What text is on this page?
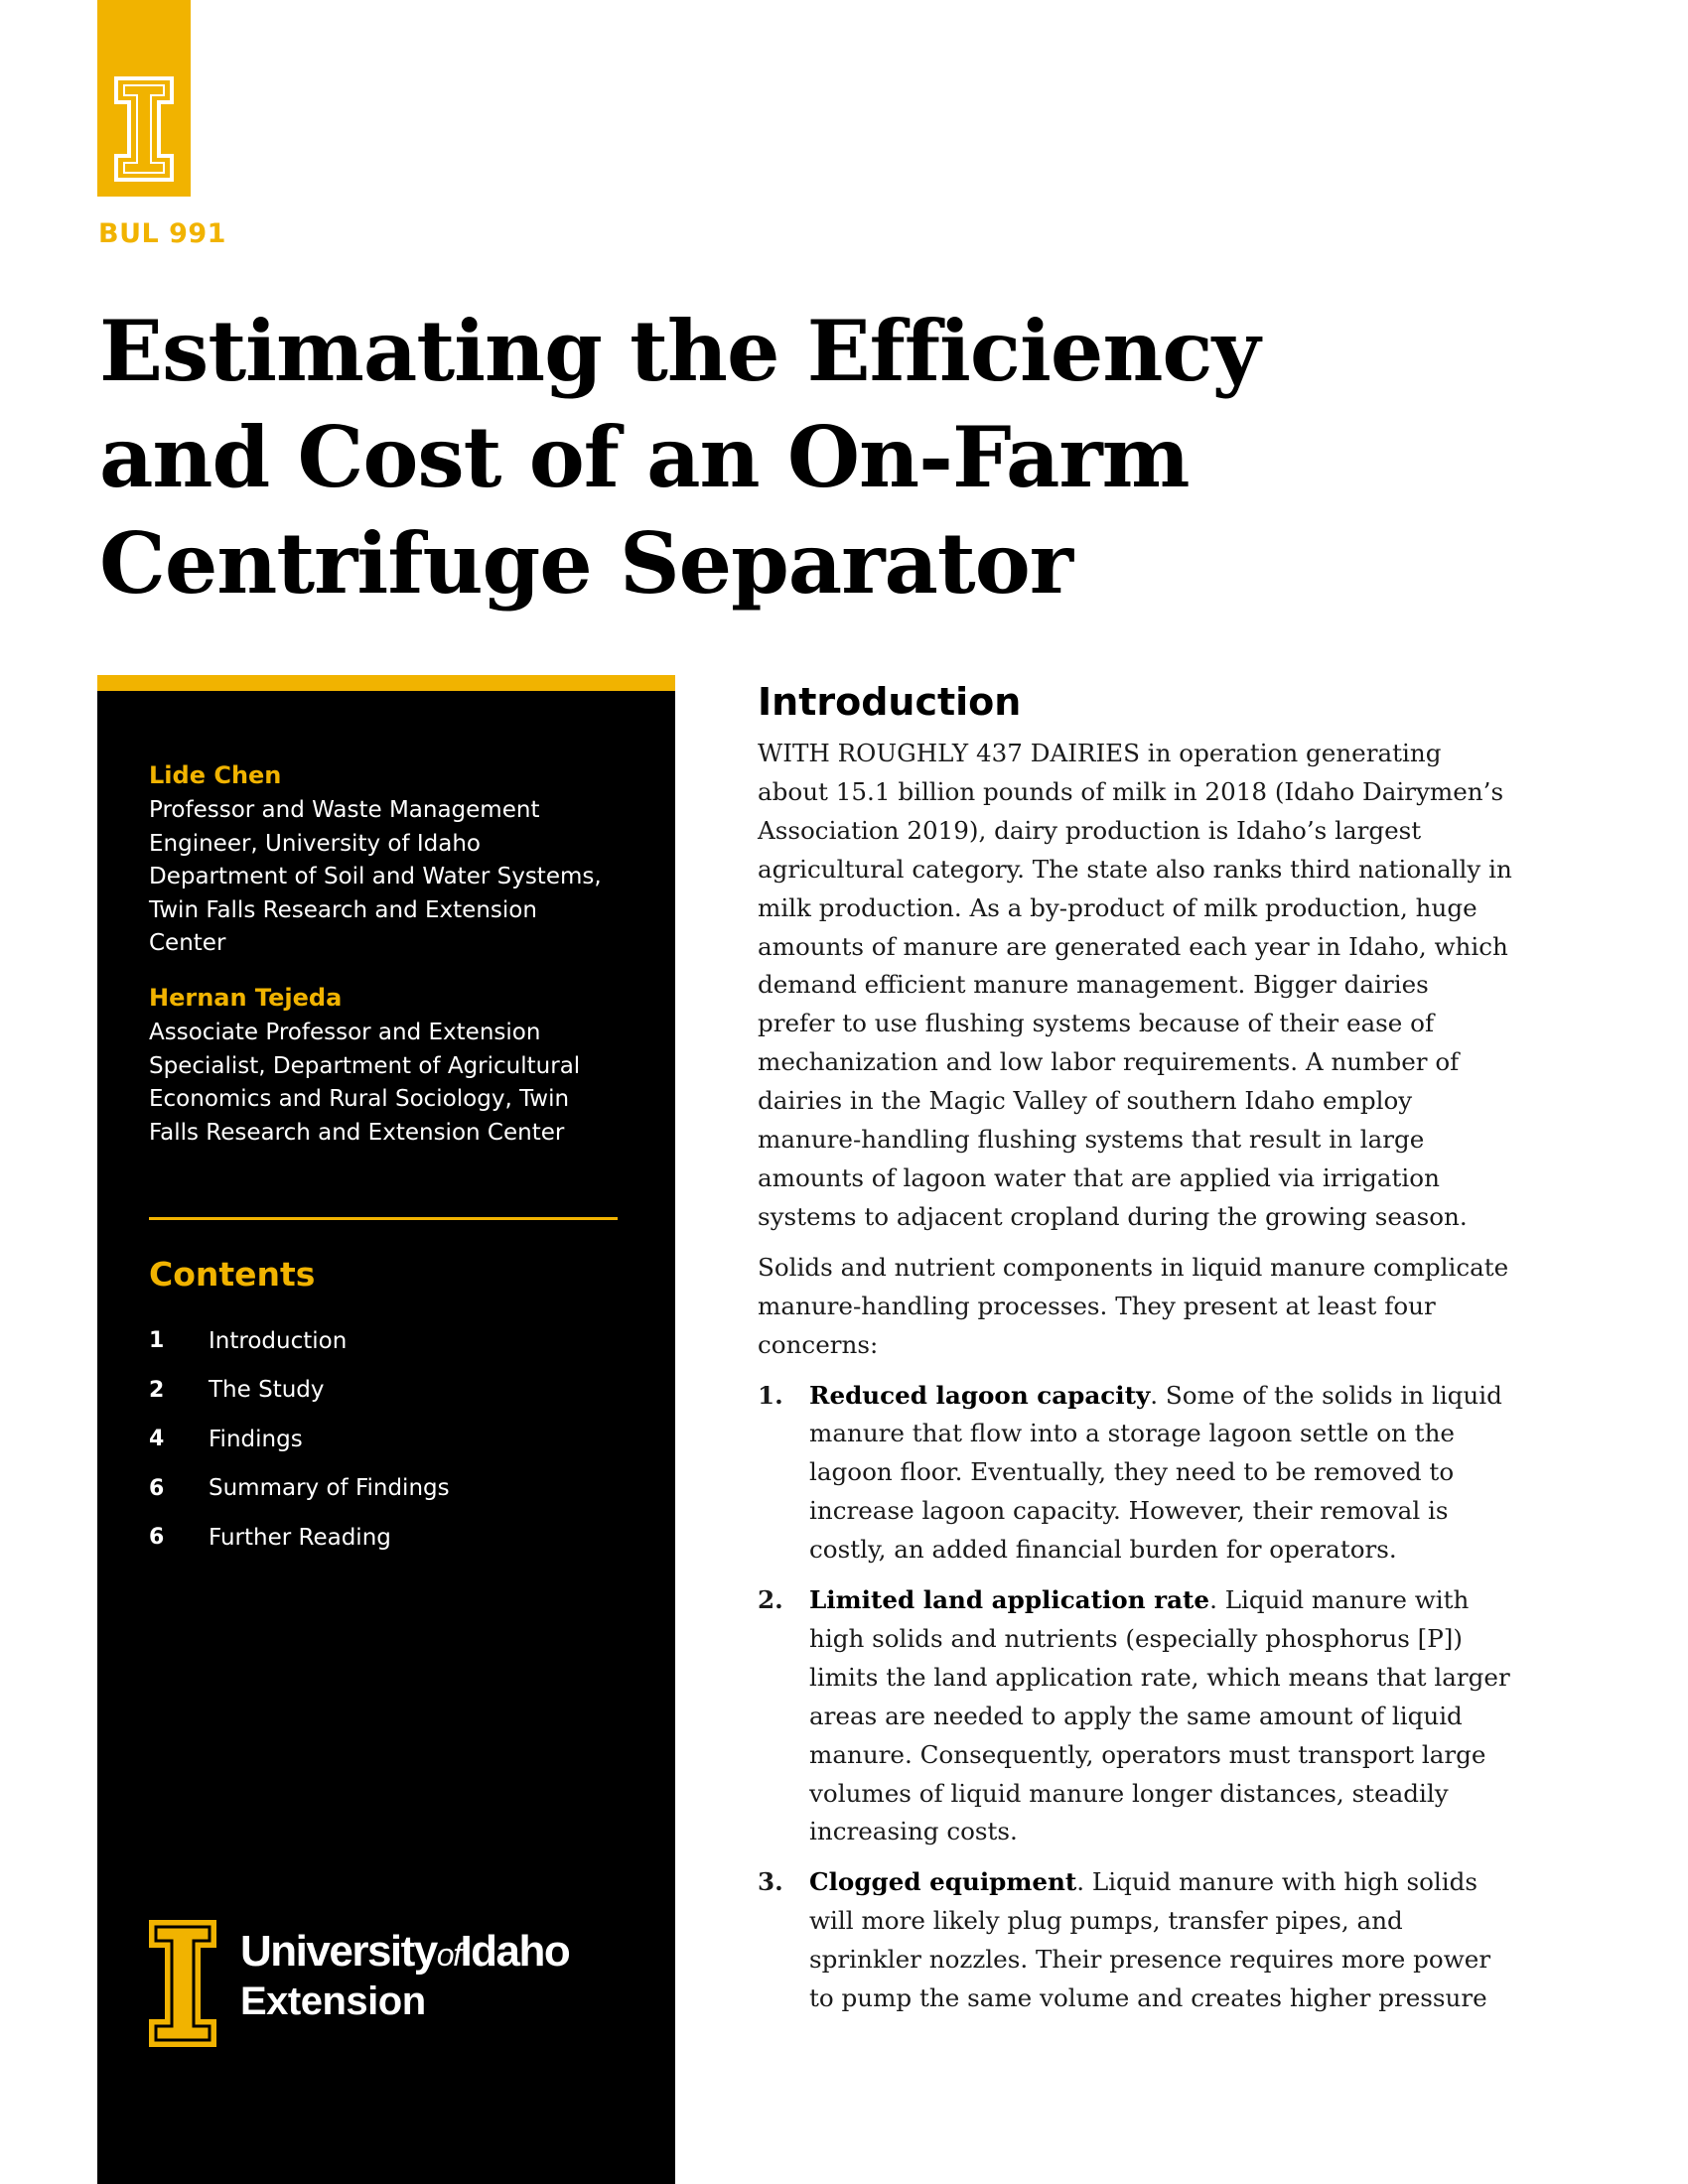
BUL 991

Estimating the Efficiency
and Cost of an On-Farm
Centrifuge Separator

Lide Chen

Professor and Waste Management Engineer, University of Idaho Department of Soil and Water Systems, Twin Falls Research and Extension Center

Hernan Tejeda

Associate Professor and Extension Specialist, Department of Agricultural Economics and Rural Sociology, Twin Falls Research and Extension Center

Contents
1	Introduction
2	The Study
4	Findings
6	Summary of Findings
6	Further Reading
UniversityofIdaho
Extension
Introduction

WITH ROUGHLY 437 DAIRIES in operation generating about 15.1 billion pounds of milk in 2018 (Idaho Dairymen’s Association 2019), dairy production is Idaho’s largest agricultural category. The state also ranks third nationally in milk production. As a by-product of milk production, huge amounts of manure are generated each year in Idaho, which demand efficient manure management. Bigger dairies prefer to use flushing systems because of their ease of mechanization and low labor requirements. A number of dairies in the Magic Valley of southern Idaho employ manure-handling flushing systems that result in large amounts of lagoon water that are applied via irrigation systems to adjacent cropland during the growing season.

Solids and nutrient components in liquid manure complicate manure-handling processes. They present at least four concerns:

1. Reduced lagoon capacity. Some of the solids in liquid manure that flow into a storage lagoon settle on the lagoon floor. Eventually, they need to be removed to increase lagoon capacity. However, their removal is costly, an added financial burden for operators.
2. Limited land application rate. Liquid manure with high solids and nutrients (especially phosphorus [P]) limits the land application rate, which means that larger areas are needed to apply the same amount of liquid manure. Consequently, operators must transport large volumes of liquid manure longer distances, steadily increasing costs.
3. Clogged equipment. Liquid manure with high solids will more likely plug pumps, transfer pipes, and sprinkler nozzles. Their presence requires more power to pump the same volume and creates higher pressure
